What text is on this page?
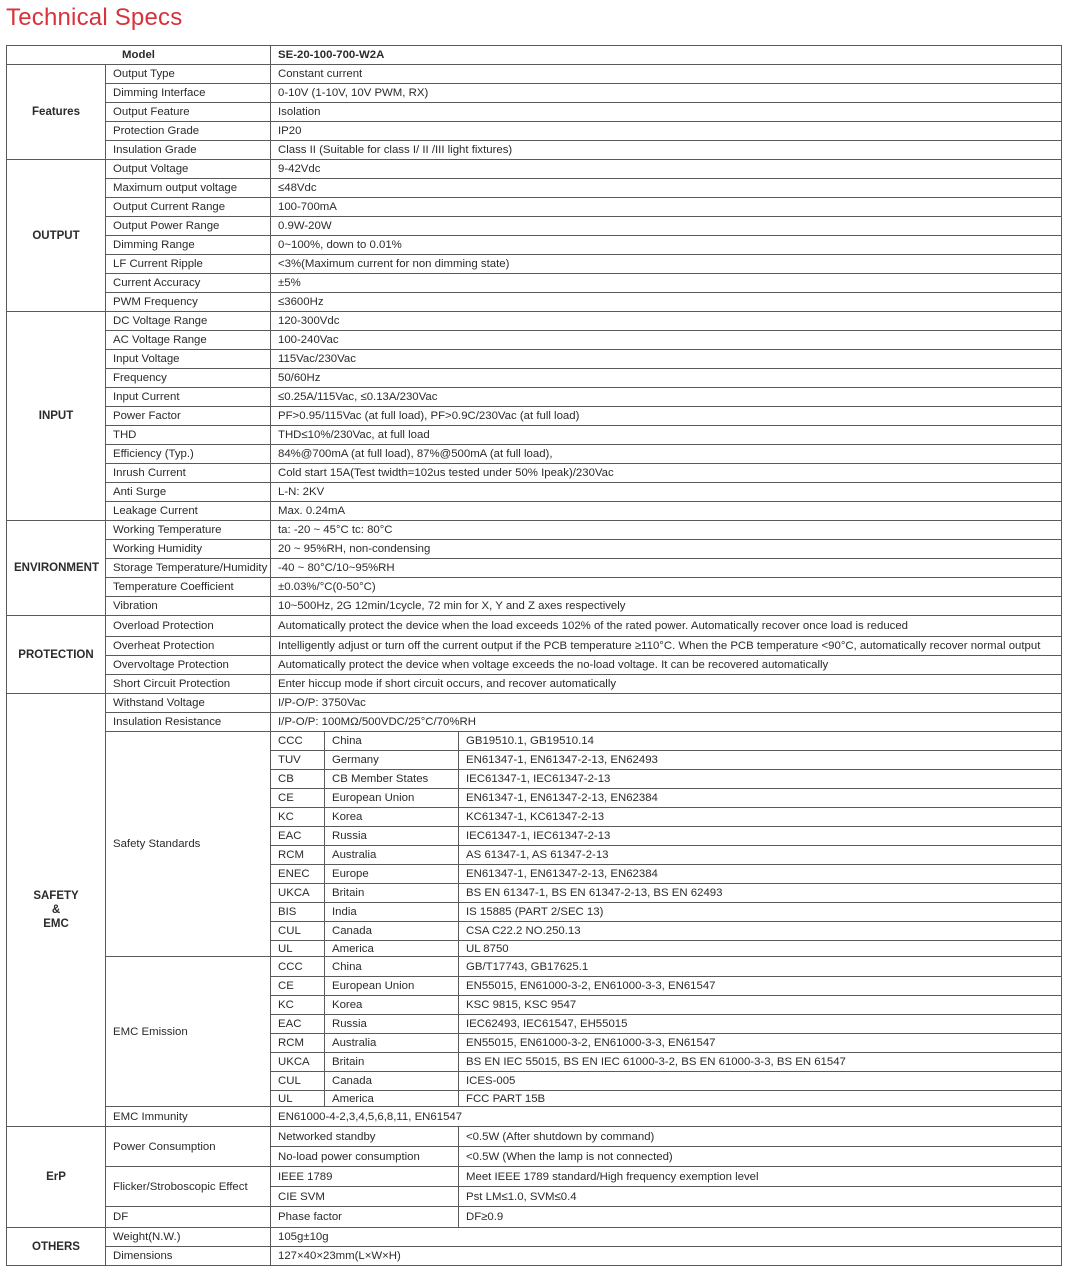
Technical Specs
Model		SE-20-100-700-W2A		
Features	Output Type	Constant current		
	Dimming Interface	0-10V (1-10V, 10V PWM, RX)		
	Output Feature	Isolation		
	Protection Grade	IP20		
	Insulation Grade	Class II (Suitable for class I/ II /III light fixtures)		
OUTPUT	Output Voltage	9-42Vdc		
	Maximum output voltage	≤48Vdc		
	Output Current Range	100-700mA		
	Output Power Range	0.9W-20W		
	Dimming Range	0~100%, down to 0.01%		
	LF Current Ripple	<3%(Maximum current for non dimming state)		
	Current Accuracy	±5%		
	PWM Frequency	≤3600Hz		
INPUT	DC Voltage Range	120-300Vdc		
	AC Voltage Range	100-240Vac		
	Input Voltage	115Vac/230Vac		
	Frequency	50/60Hz		
	Input Current	≤0.25A/115Vac, ≤0.13A/230Vac		
	Power Factor	PF>0.95/115Vac (at full load), PF>0.9C/230Vac (at full load)		
	THD	THD≤10%/230Vac, at full load		
	Efficiency (Typ.)	84%@700mA (at full load), 87%@500mA (at full load),		
	Inrush Current	Cold start 15A(Test twidth=102us tested under 50% Ipeak)/230Vac		
	Anti Surge	L-N: 2KV		
	Leakage Current	Max. 0.24mA		
ENVIRONMENT	Working Temperature	ta: -20 ~ 45°C tc: 80°C		
	Working Humidity	20 ~ 95%RH, non-condensing		
	Storage Temperature/Humidity	-40 ~ 80°C/10~95%RH		
	Temperature Coefficient	±0.03%/°C(0-50°C)		
	Vibration	10~500Hz, 2G 12min/1cycle, 72 min for X, Y and Z axes respectively		
PROTECTION	Overload Protection	Automatically protect the device when the load exceeds 102% of the rated power. Automatically recover once load is reduced		
	Overheat Protection	Intelligently adjust or turn off the current output if the PCB temperature ≥110°C. When the PCB temperature <90°C, automatically recover normal output		
	Overvoltage Protection	Automatically protect the device when voltage exceeds the no-load voltage. It can be recovered automatically		
	Short Circuit Protection	Enter hiccup mode if short circuit occurs, and recover automatically		

SAFETY
&
EMC	Withstand Voltage	I/P-O/P: 3750Vac		
	Insulation Resistance	I/P-O/P: 100MΩ/500VDC/25°C/70%RH		
	Safety Standards	CCC	China	GB19510.1, GB19510.14
		TUV	Germany	EN61347-1, EN61347-2-13, EN62493
		CB	CB Member States	IEC61347-1, IEC61347-2-13
		CE	European Union	EN61347-1, EN61347-2-13, EN62384
		KC	Korea	KC61347-1, KC61347-2-13
		EAC	Russia	IEC61347-1, IEC61347-2-13
		RCM	Australia	AS 61347-1, AS 61347-2-13
		ENEC	Europe	EN61347-1, EN61347-2-13, EN62384
		UKCA	Britain	BS EN 61347-1, BS EN 61347-2-13, BS EN 62493
		BIS	India	IS 15885 (PART 2/SEC 13)
		CUL	Canada	CSA C22.2 NO.250.13
		UL	America	UL 8750
	EMC Emission	CCC	China	GB/T17743, GB17625.1
		CE	European Union	EN55015, EN61000-3-2, EN61000-3-3, EN61547
		KC	Korea	KSC 9815, KSC 9547
		EAC	Russia	IEC62493, IEC61547, EH55015
		RCM	Australia	EN55015, EN61000-3-2, EN61000-3-3, EN61547
		UKCA	Britain	BS EN IEC 55015, BS EN IEC 61000-3-2, BS EN 61000-3-3, BS EN 61547
		CUL	Canada	ICES-005
		UL	America	FCC PART 15B
	EMC Immunity	EN61000-4-2,3,4,5,6,8,11, EN61547		
ErP	Power Consumption	Networked standby		<0.5W (After shutdown by command)
		No-load power consumption		<0.5W (When the lamp is not connected)
	Flicker/Stroboscopic Effect	IEEE 1789		Meet IEEE 1789 standard/High frequency exemption level
		CIE SVM		Pst LM≤1.0, SVM≤0.4
	DF	Phase factor		DF≥0.9
OTHERS	Weight(N.W.)	105g±10g		
	Dimensions	127×40×23mm(L×W×H)		
